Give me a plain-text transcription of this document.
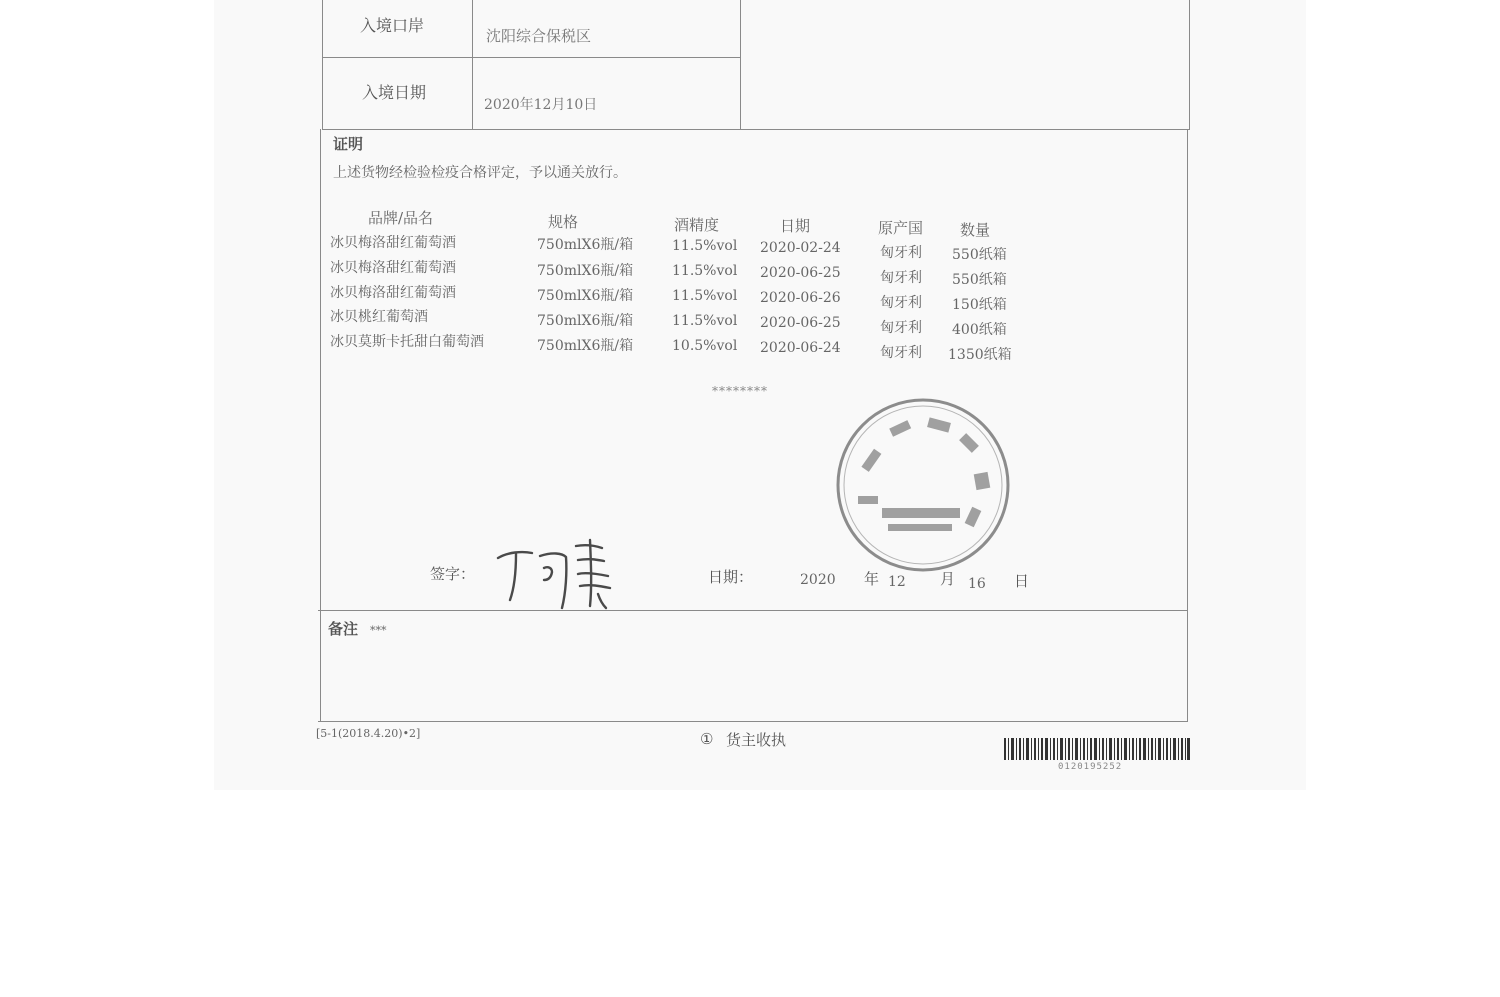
入境口岸
沈阳综合保税区
入境日期
2020年12月10日
证明
上述货物经检验检疫合格评定，予以通关放行。
品牌/品名	规格	酒精度	日期	原产国 数量
冰贝梅洛甜红葡萄酒	750mlX6瓶/箱	11.5%vol 2020-02-24	匈牙利 550纸箱
冰贝梅洛甜红葡萄酒	750mlX6瓶/箱	11.5%vol 2020-06-25	匈牙利 550纸箱
冰贝梅洛甜红葡萄酒	750mlX6瓶/箱	11.5%vol 2020-06-26	匈牙利 150纸箱
冰贝桃红葡萄酒	750mlX6瓶/箱	11.5%vol 2020-06-25	匈牙利 400纸箱
冰贝莫斯卡托甜白葡萄酒	750mlX6瓶/箱	10.5%vol 2020-06-24	匈牙利 1350纸箱
********
签字：	日期：	2020 年 12 月 16 日
备注 ***
[5-1(2018.4.20)•2]	① 货主收执
0120195252
